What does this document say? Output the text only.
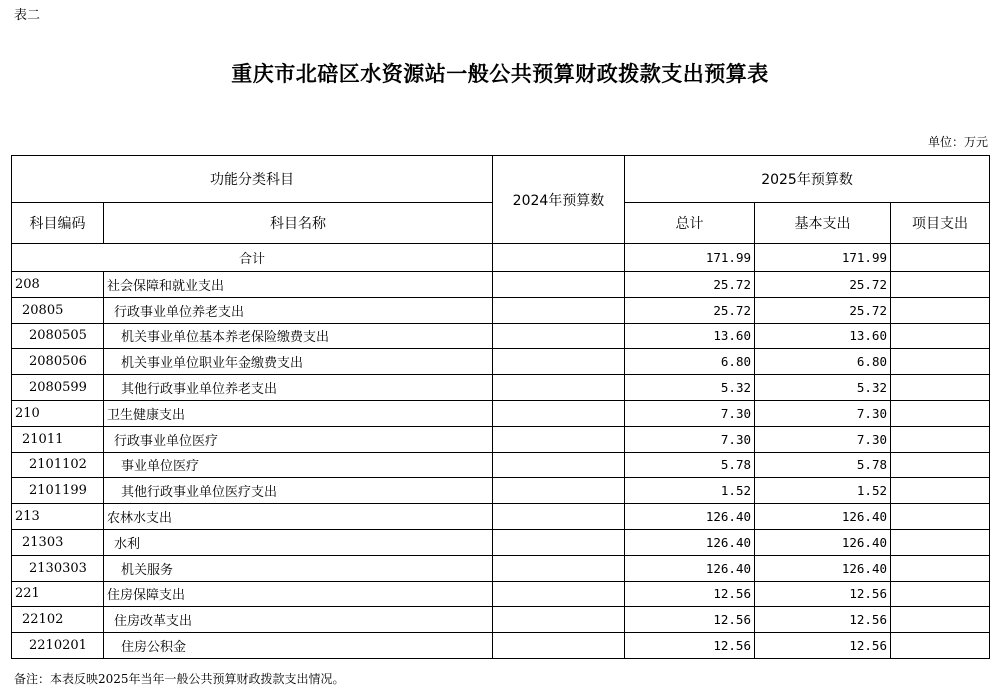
表二
重庆市北碚区水资源站一般公共预算财政拨款支出预算表
单位：万元
功能分类科目		2024年预算数	2025年预算数		
科目编码	科目名称		总计	基本支出	项目支出
合计			171.99	171.99	
208	社会保障和就业支出		25.72	25.72	
20805	行政事业单位养老支出		25.72	25.72	
2080505	机关事业单位基本养老保险缴费支出		13.60	13.60	
2080506	机关事业单位职业年金缴费支出		6.80	6.80	
2080599	其他行政事业单位养老支出		5.32	5.32	
210	卫生健康支出		7.30	7.30	
21011	行政事业单位医疗		7.30	7.30	
2101102	事业单位医疗		5.78	5.78	
2101199	其他行政事业单位医疗支出		1.52	1.52	
213	农林水支出		126.40	126.40	
21303	水利		126.40	126.40	
2130303	机关服务		126.40	126.40	
221	住房保障支出		12.56	12.56	
22102	住房改革支出		12.56	12.56	
2210201	住房公积金		12.56	12.56	
备注：本表反映2025年当年一般公共预算财政拨款支出情况。
